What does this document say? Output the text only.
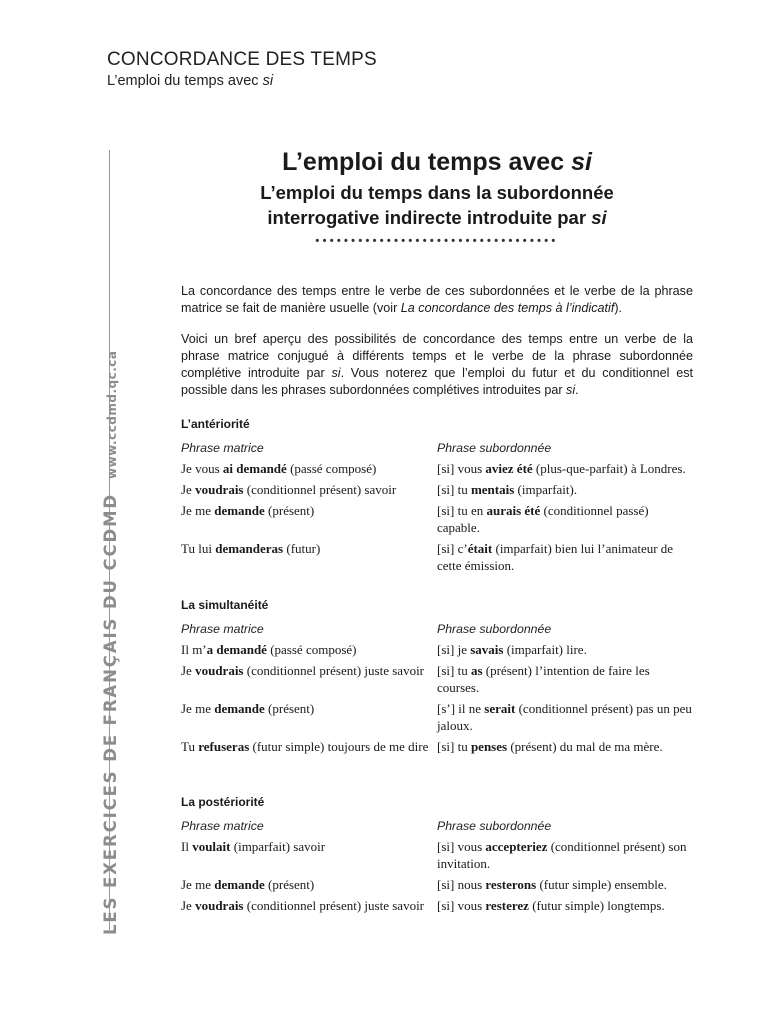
CONCORDANCE DES TEMPS
L’emploi du temps avec si
LES EXERCICES DE FRANÇAIS DU CCDMDwww.ccdmd.qc.ca
L’emploi du temps avec si
L’emploi du temps dans la subordonnée
interrogative indirecte introduite par si
••••••••••••••••••••••••••••••••••

La concordance des temps entre le verbe de ces subordonnées et le verbe de la phrase matrice se fait de manière usuelle (voir La concordance des temps à l’indicatif).

Voici un bref aperçu des possibilités de concordance des temps entre un verbe de la phrase matrice conjugué à différents temps et le verbe de la phrase subordonnée complétive introduite par si. Vous noterez que l’emploi du futur et du conditionnel est possible dans les phrases subordonnées complétives introduites par si.

L’antériorité
Phrase matrice	Phrase subordonnée
Je vous ai demandé (passé composé)	[si] vous aviez été (plus-que-parfait) à Londres.
Je voudrais (conditionnel présent) savoir	[si] tu mentais (imparfait).
Je me demande (présent)	[si] tu en aurais été (conditionnel passé) capable.
Tu lui demanderas (futur)	[si] c’était (imparfait) bien lui l’animateur de cette émission.
La simultanéité
Phrase matrice	Phrase subordonnée
Il m’a demandé (passé composé)	[si] je savais (imparfait) lire.
Je voudrais (conditionnel présent) juste savoir [si] tu as (présent) l’intention de faire les courses.
Je me demande (présent)	[s’] il ne serait (conditionnel présent) pas un peu jaloux.
Tu refuseras (futur simple) toujours de me dire [si] tu penses (présent) du mal de ma mère.
La postériorité
Phrase matrice	Phrase subordonnée
Il voulait (imparfait) savoir	[si] vous accepteriez (conditionnel présent) son invitation.
Je me demande (présent)	[si] nous resterons (futur simple) ensemble.
Je voudrais (conditionnel présent) juste savoir [si] vous resterez (futur simple) longtemps.
